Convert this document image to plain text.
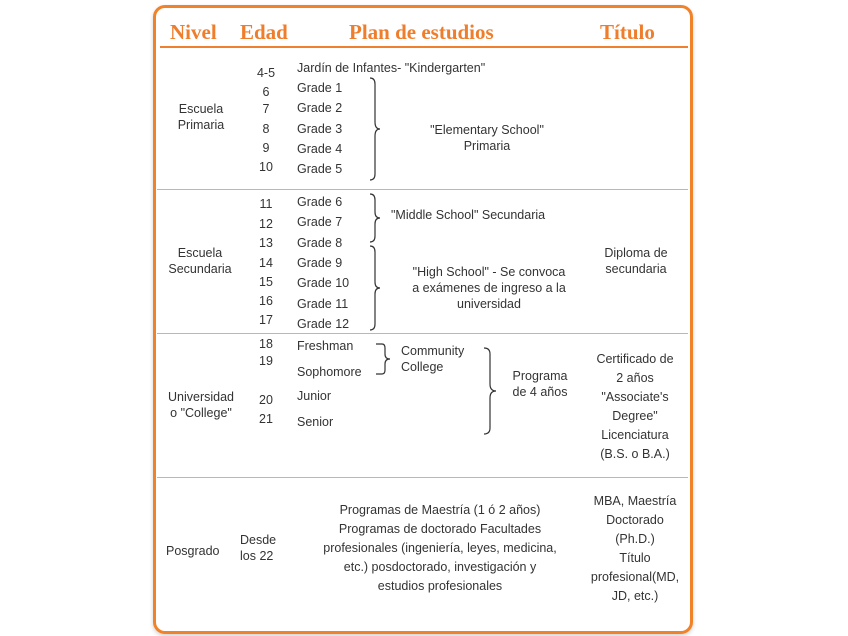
Nivel Edad	Plan de estudios	Título
Escuela
Primaria
4-5
6
7
8
9
10
Jardín de Infantes- "Kindergarten"
Grade 1
Grade 2
Grade 3
Grade 4
Grade 5
"Elementary School"
Primaria
Escuela
Secundaria
11
12
13
14
15
16
17
Grade 6
Grade 7
Grade 8
Grade 9
Grade 10
Grade 11
Grade 12
"Middle School" Secundaria
"High School" - Se convoca
a exámenes de ingreso a la
universidad
Diploma de
secundaria
Universidad
o "College"
18
19
20
21
Freshman
Sophomore
Junior
Senior
Community
College
Programa
de 4 años
Certificado de
2 años
"Associate's
Degree"
Licenciatura
(B.S. o B.A.)
Posgrado
Desde
los 22
Programas de Maestría (1 ó 2 años)
Programas de doctorado Facultades
profesionales (ingeniería, leyes, medicina,
etc.) posdoctorado, investigación y
estudios profesionales
MBA, Maestría
Doctorado
(Ph.D.)
Título
profesional(MD,
JD, etc.)
